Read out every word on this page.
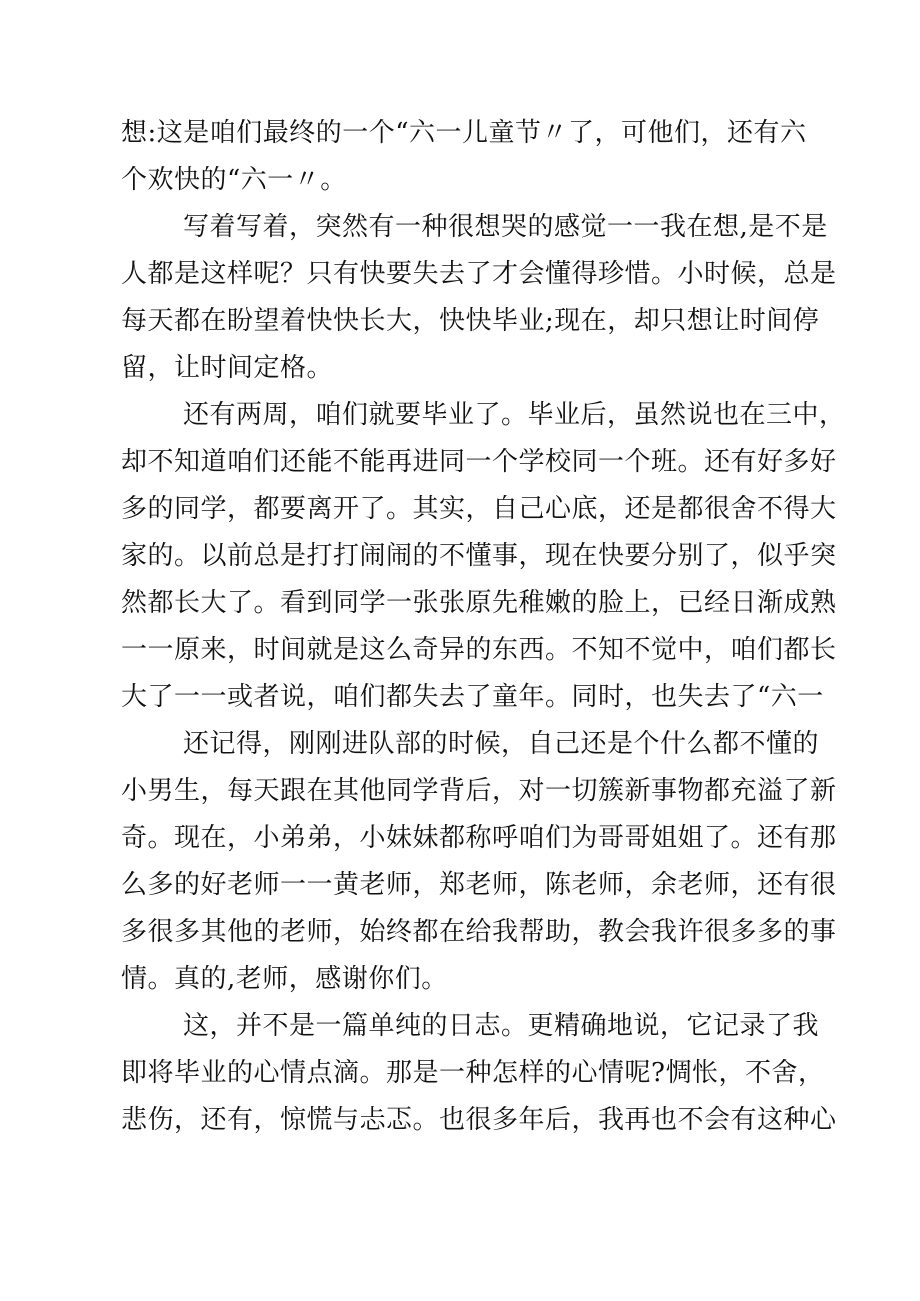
想:这是咱们最终的一个“六一儿童节〃了，可他们，还有六
个欢快的“六一〃。
写着写着，突然有一种很想哭的感觉一一我在想,是不是
人都是这样呢？只有快要失去了才会懂得珍惜。小时候，总是
每天都在盼望着快快长大，快快毕业;现在，却只想让时间停
留，让时间定格。
还有两周，咱们就要毕业了。毕业后，虽然说也在三中，
却不知道咱们还能不能再进同一个学校同一个班。还有好多好
多的同学，都要离开了。其实，自己心底，还是都很舍不得大
家的。以前总是打打闹闹的不懂事，现在快要分别了，似乎突
然都长大了。看到同学一张张原先稚嫩的脸上，已经日渐成熟
一一原来，时间就是这么奇异的东西。不知不觉中，咱们都长
大了一一或者说，咱们都失去了童年。同时，也失去了“六一
还记得，刚刚进队部的时候，自己还是个什么都不懂的
小男生，每天跟在其他同学背后，对一切簇新事物都充溢了新
奇。现在，小弟弟，小妹妹都称呼咱们为哥哥姐姐了。还有那
么多的好老师一一黄老师，郑老师，陈老师，余老师，还有很
多很多其他的老师，始终都在给我帮助，教会我许很多多的事
情。真的,老师，感谢你们。
这，并不是一篇单纯的日志。更精确地说，它记录了我
即将毕业的心情点滴。那是一种怎样的心情呢?惆怅，不舍，
悲伤，还有，惊慌与忐忑。也很多年后，我再也不会有这种心
